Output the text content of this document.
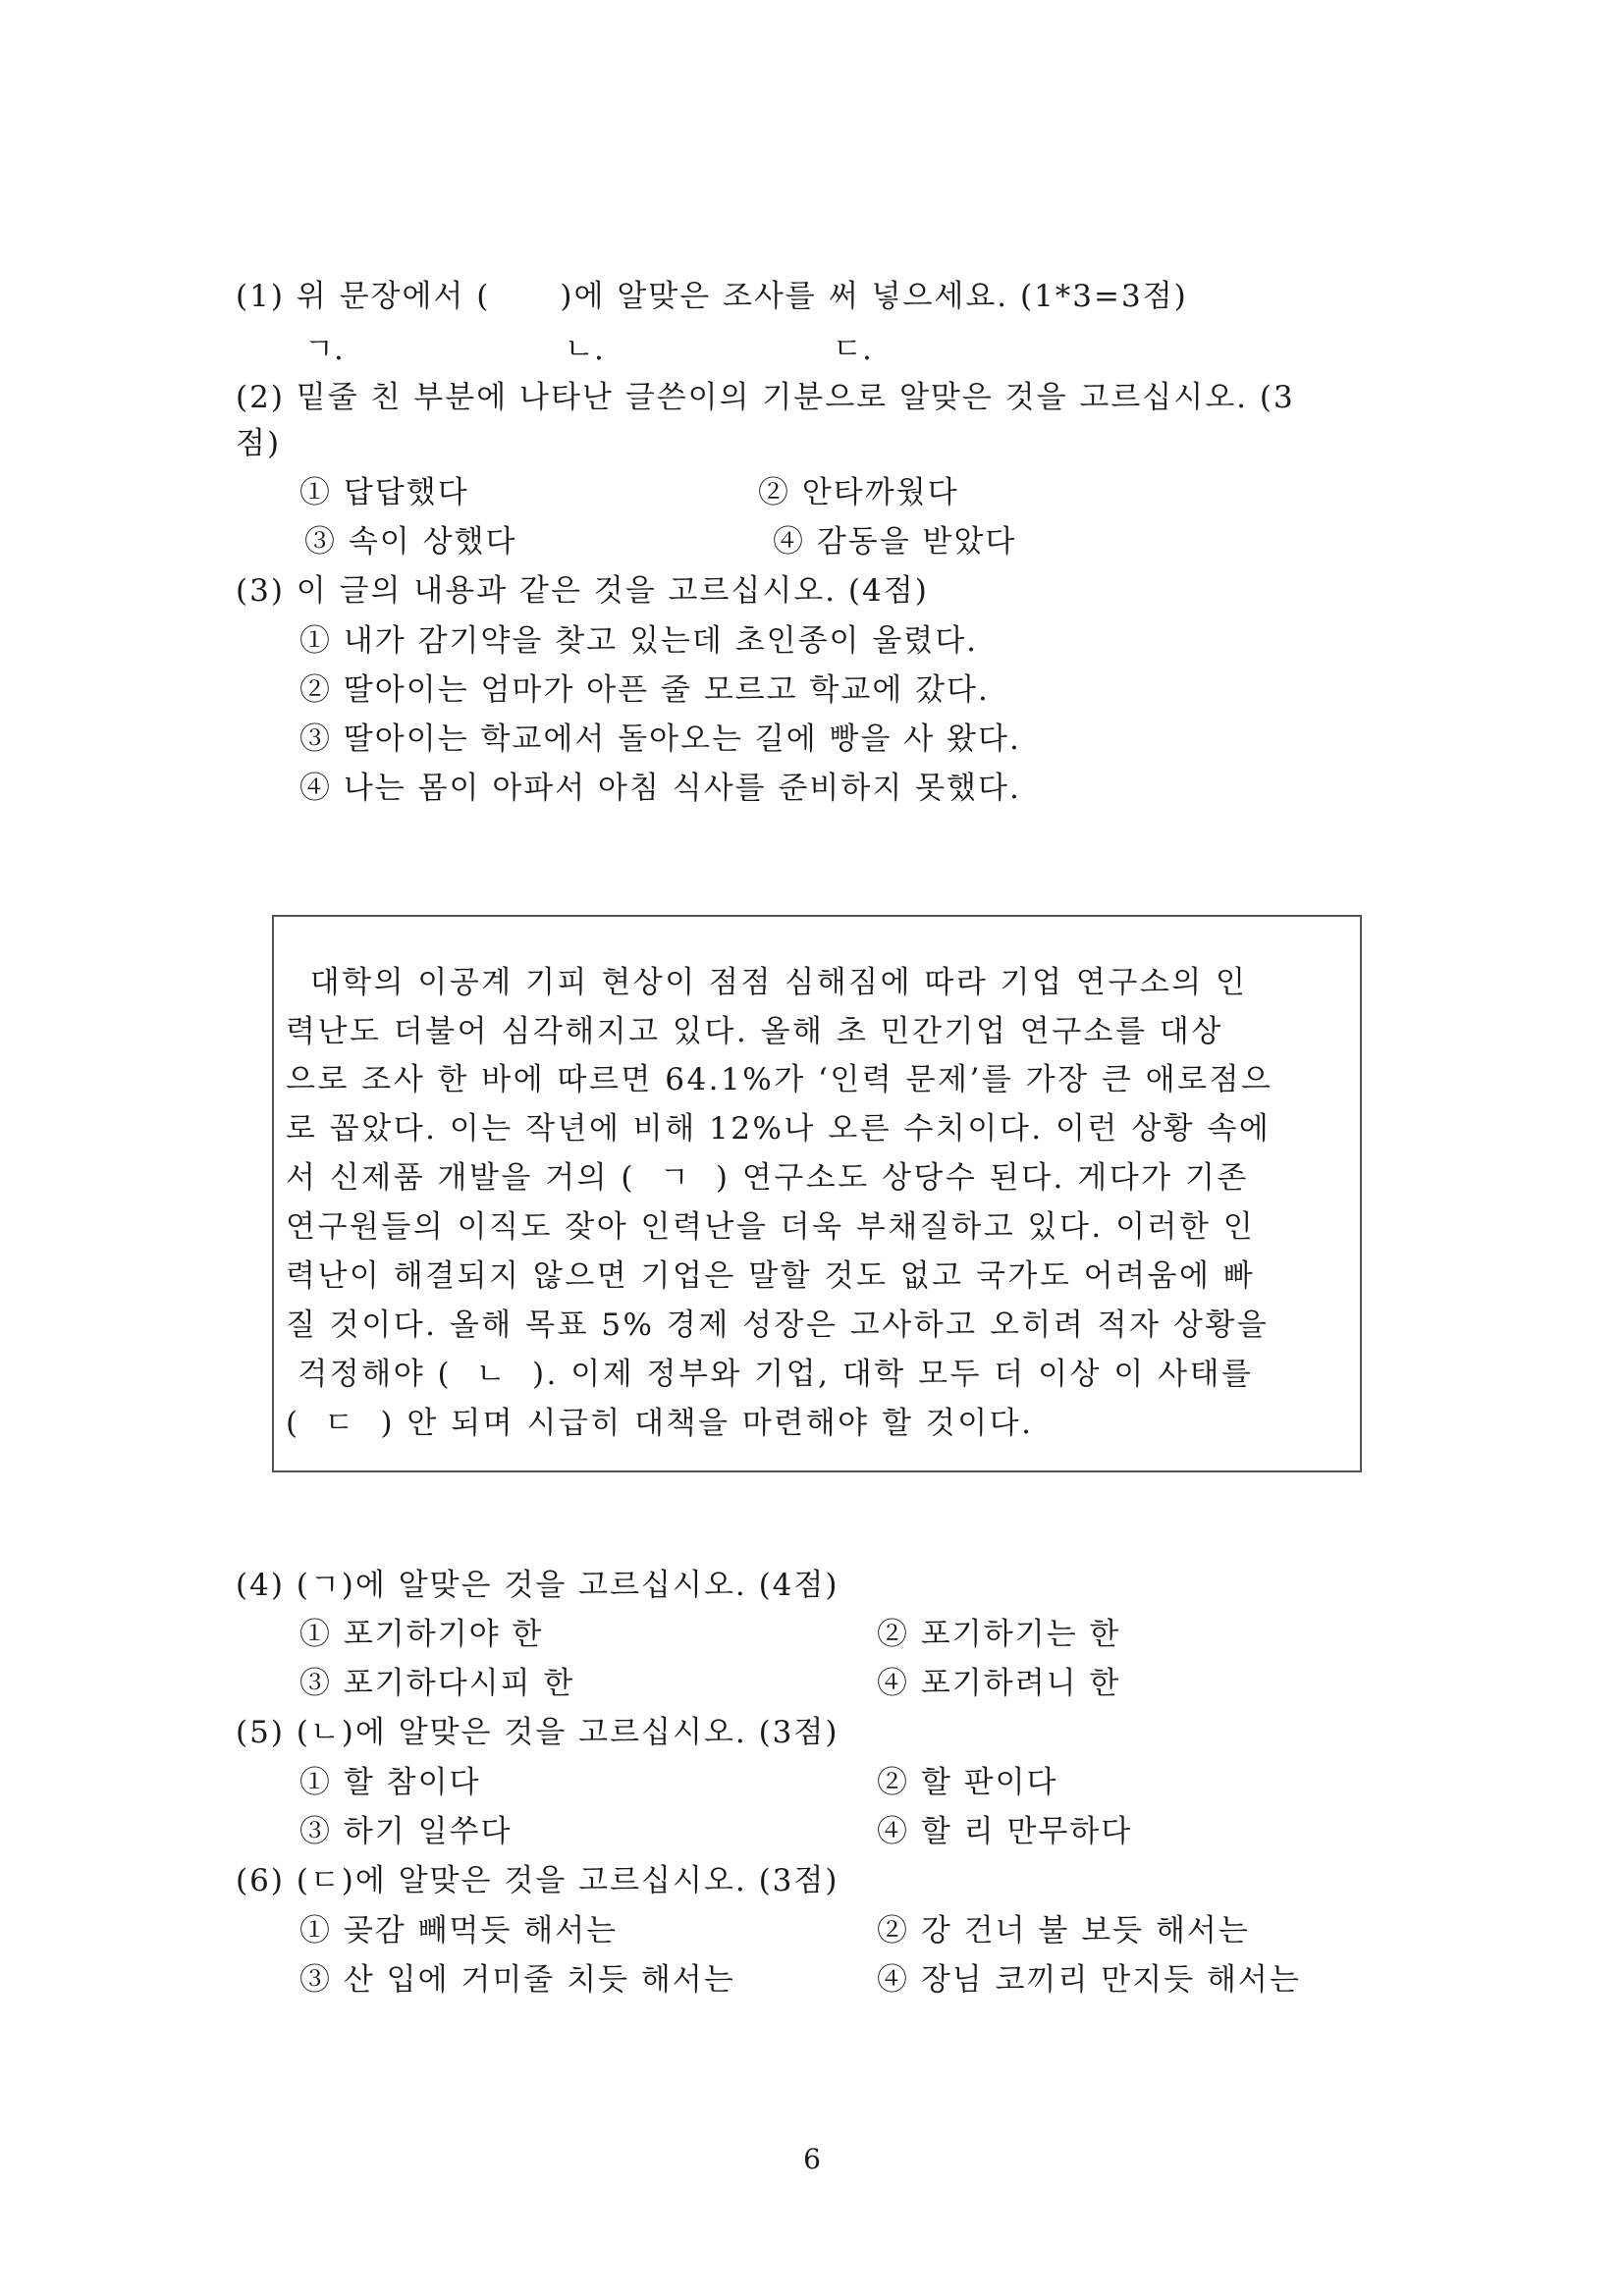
(1) 위 문장에서 (      )에 알맞은 조사를 써 넣으세요. (1*3=3점)
ㄱ.	ㄴ.	ㄷ.
(2) 밑줄 친 부분에 나타난 글쓴이의 기분으로 알맞은 것을 고르십시오. (3
점)
① 답답했다	② 안타까웠다
③ 속이 상했다	④ 감동을 받았다
(3) 이 글의 내용과 같은 것을 고르십시오. (4점)
① 내가 감기약을 찾고 있는데 초인종이 울렸다.
② 딸아이는 엄마가 아픈 줄 모르고 학교에 갔다.
③ 딸아이는 학교에서 돌아오는 길에 빵을 사 왔다.
④ 나는 몸이 아파서 아침 식사를 준비하지 못했다.
대학의 이공계 기피 현상이 점점 심해짐에 따라 기업 연구소의 인
력난도 더불어 심각해지고 있다. 올해 초 민간기업 연구소를 대상
으로 조사 한 바에 따르면 64.1%가 ‘인력 문제’를 가장 큰 애로점으
로 꼽았다. 이는 작년에 비해 12%나 오른 수치이다. 이런 상황 속에
서 신제품 개발을 거의 (  ㄱ  ) 연구소도 상당수 된다. 게다가 기존
연구원들의 이직도 잦아 인력난을 더욱 부채질하고 있다. 이러한 인
력난이 해결되지 않으면 기업은 말할 것도 없고 국가도 어려움에 빠
질 것이다. 올해 목표 5% 경제 성장은 고사하고 오히려 적자 상황을
걱정해야 (  ㄴ  ). 이제 정부와 기업, 대학 모두 더 이상 이 사태를
(  ㄷ  ) 안 되며 시급히 대책을 마련해야 할 것이다.
(4) (ㄱ)에 알맞은 것을 고르십시오. (4점)
① 포기하기야 한	② 포기하기는 한
③ 포기하다시피 한	④ 포기하려니 한
(5) (ㄴ)에 알맞은 것을 고르십시오. (3점)
① 할 참이다	② 할 판이다
③ 하기 일쑤다	④ 할 리 만무하다
(6) (ㄷ)에 알맞은 것을 고르십시오. (3점)
① 곶감 빼먹듯 해서는	② 강 건너 불 보듯 해서는
③ 산 입에 거미줄 치듯 해서는	④ 장님 코끼리 만지듯 해서는
6
